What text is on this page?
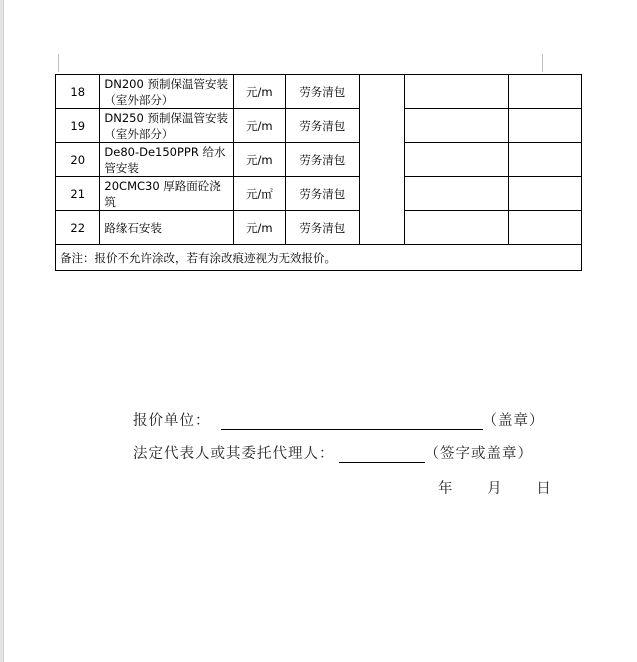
18	DN200 预制保温管安装（室外部分）	元/m	劳务清包			
19	DN250 预制保温管安装（室外部分）	元/m	劳务清包			
20	De80-De150PPR 给水管安装	元/m	劳务清包			
21	20CMC30 厚路面砼浇筑	元/㎡	劳务清包			
22	路缘石安装	元/m	劳务清包			
备注：报价不允许涂改，若有涂改痕迹视为无效报价。						
报价单位：	（盖章）
法定代表人或其委托代理人：	（签字或盖章）
年 月 日
